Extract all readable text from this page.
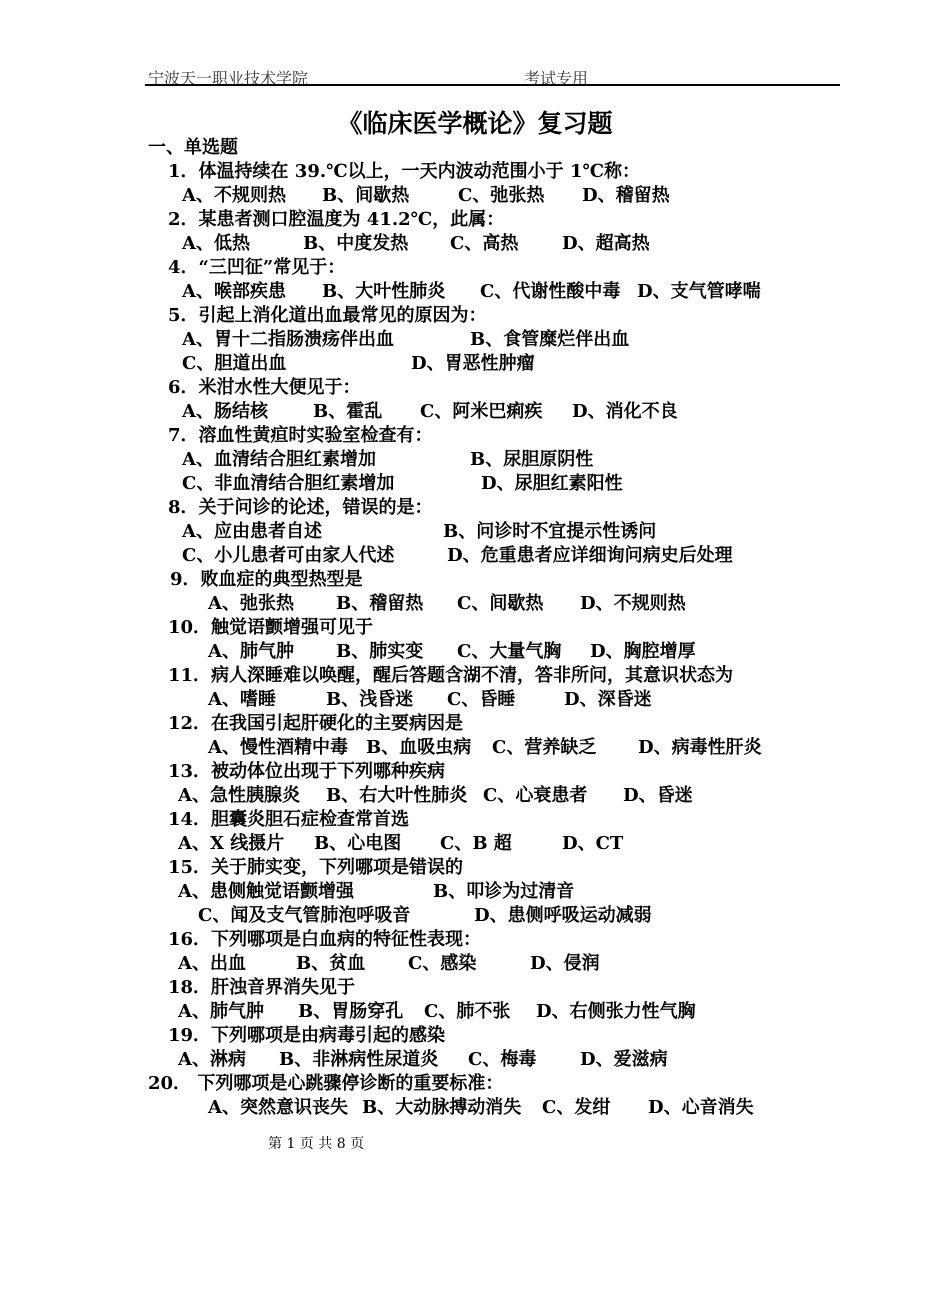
宁波天一职业技术学院	考试专用
《临床医学概论》复习题
一、单选题
1．体温持续在 39.℃以上，一天内波动范围小于 1℃称：
A、不规则热 B、间歇热	C、弛张热 D、稽留热
2．某患者测口腔温度为 41.2℃，此属：
A、低热	B、中度发热 C、高热 D、超高热
4．“三凹征”常见于：
A、喉部疾患 B、大叶性肺炎 C、代谢性酸中毒 D、支气管哮喘
5．引起上消化道出血最常见的原因为：
A、胃十二指肠溃疡伴出血	B、食管糜烂伴出血
C、胆道出血	D、胃恶性肿瘤
6．米泔水性大便见于：
A、肠结核	B、霍乱 C、阿米巴痢疾 D、消化不良
7．溶血性黄疸时实验室检查有：
A、血清结合胆红素增加	B、尿胆原阴性
C、非血清结合胆红素增加	D、尿胆红素阳性
8．关于问诊的论述，错误的是：
A、应由患者自述	B、问诊时不宜提示性诱问
C、小儿患者可由家人代述	D、危重患者应详细询问病史后处理
9．败血症的典型热型是
A、弛张热 B、稽留热 C、间歇热 D、不规则热
10．触觉语颤增强可见于
A、肺气肿 B、肺实变 C、大量气胸 D、胸腔增厚
11．病人深睡难以唤醒，醒后答题含湖不清，答非所问，其意识状态为
A、嗜睡	B、浅昏迷 C、昏睡	D、深昏迷
12．在我国引起肝硬化的主要病因是
A、慢性酒精中毒 B、血吸虫病 C、营养缺乏 D、病毒性肝炎
13．被动体位出现于下列哪种疾病
A、急性胰腺炎 B、右大叶性肺炎 C、心衰患者 D、昏迷
14．胆囊炎胆石症检查常首选
A、X 线摄片 B、心电图 C、B 超	D、CT
15．关于肺实变，下列哪项是错误的
A、患侧触觉语颤增强	B、叩诊为过清音
C、闻及支气管肺泡呼吸音	D、患侧呼吸运动减弱
16．下列哪项是白血病的特征性表现：
A、出血	B、贫血 C、感染	D、侵润
18．肝浊音界消失见于
A、肺气肿 B、胃肠穿孔 C、肺不张 D、右侧张力性气胸
19．下列哪项是由病毒引起的感染
A、淋病 B、非淋病性尿道炎 C、梅毒 D、爱滋病
20． 下列哪项是心跳骤停诊断的重要标准：
A、突然意识丧失 B、大动脉搏动消失 C、发绀 D、心音消失
第 1 页 共 8 页
